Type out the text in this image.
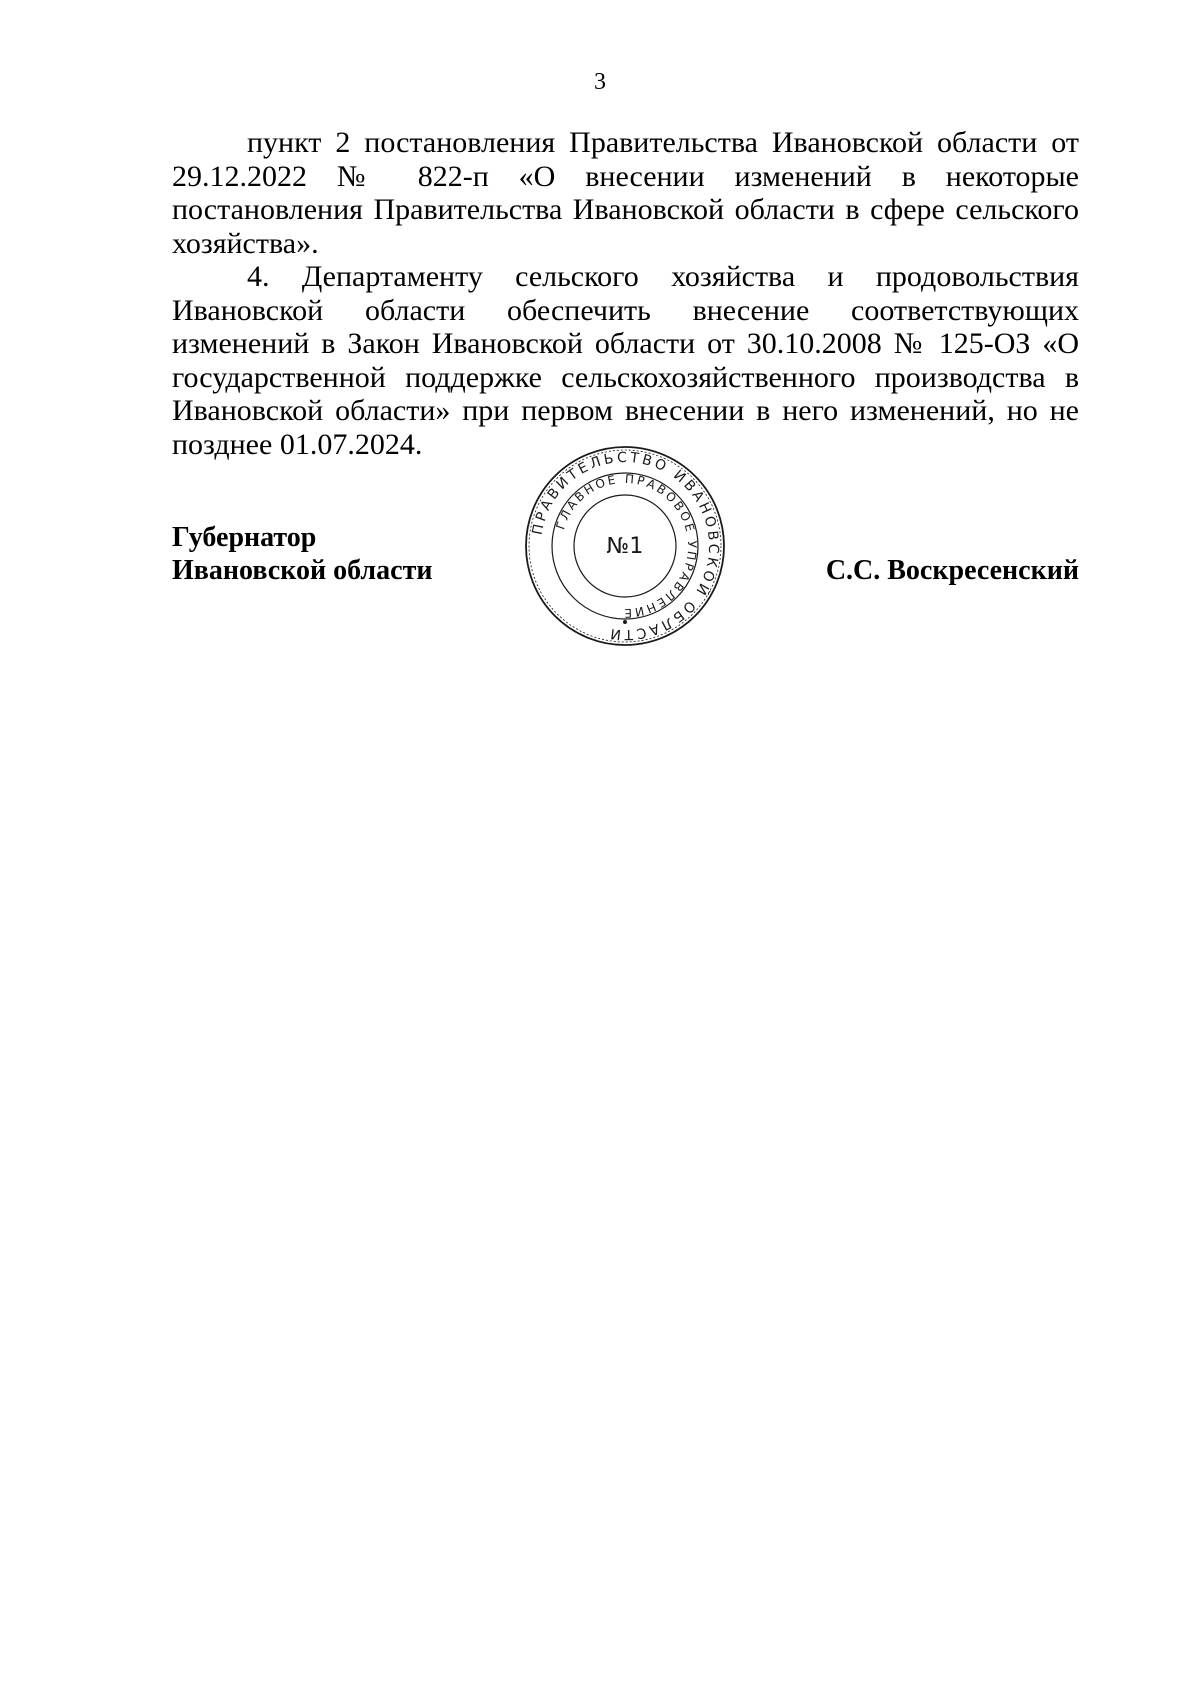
3

пункт 2 постановления Правительства Ивановской области от 29.12.2022 № 822-п «О внесении изменений в некоторые постановления Правительства Ивановской области в сфере сельского хозяйства».

4. Департаменту сельского хозяйства и продовольствия Ивановской области обеспечить внесение соответствующих изменений в Закон Ивановской области от 30.10.2008 № 125-ОЗ «О государственной поддержке сельскохозяйственного производства в Ивановской области» при первом внесении в него изменений, но не позднее 01.07.2024.

Губернатор
Ивановской области	С.С. Воскресенский
ПРАВИТЕЛЬСТВО ИВАНОВСКОЙ ОБЛАСТИ
ГЛАВНОЕ ПРАВОВОЕ УПРАВЛЕНИЕ
№1
